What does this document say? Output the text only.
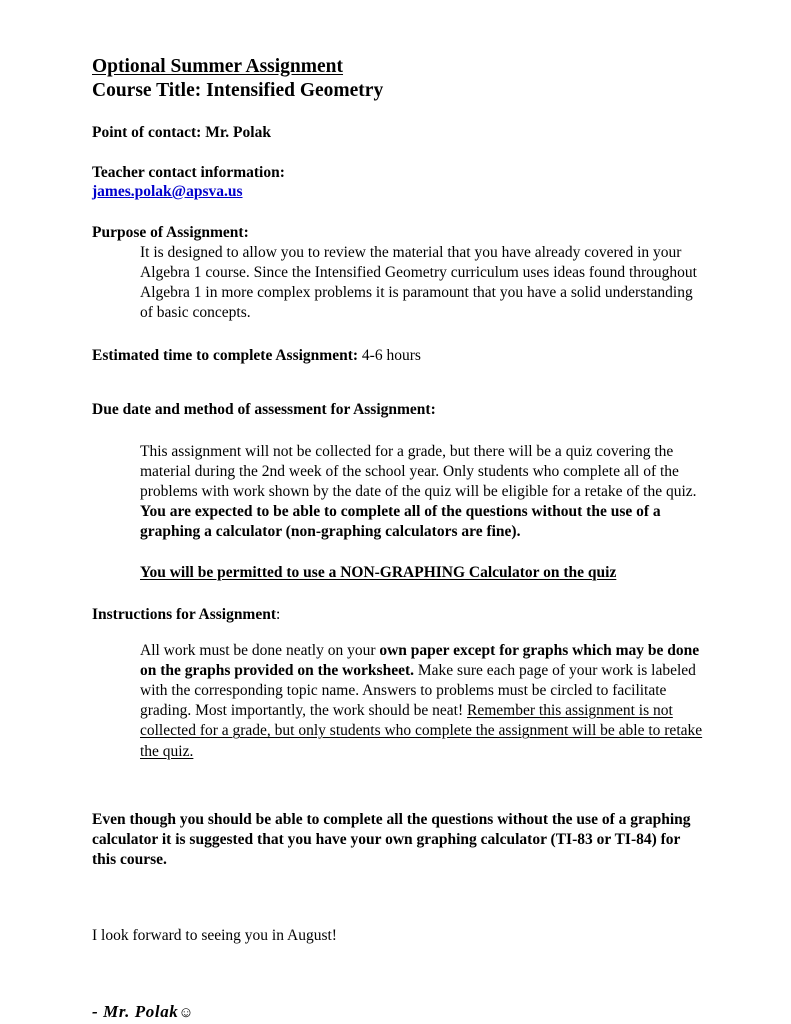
Optional Summer Assignment
Course Title: Intensified Geometry
Point of contact: Mr. Polak
Teacher contact information:
james.polak@apsva.us
Purpose of Assignment:
It is designed to allow you to review the material that you have already covered in your Algebra 1 course. Since the Intensified Geometry curriculum uses ideas found throughout Algebra 1 in more complex problems it is paramount that you have a solid understanding of basic concepts.
Estimated time to complete Assignment: 4-6 hours
Due date and method of assessment for Assignment:
This assignment will not be collected for a grade, but there will be a quiz covering the material during the 2nd week of the school year. Only students who complete all of the problems with work shown by the date of the quiz will be eligible for a retake of the quiz. You are expected to be able to complete all of the questions without the use of a graphing a calculator (non-graphing calculators are fine).
You will be permitted to use a NON-GRAPHING Calculator on the quiz
Instructions for Assignment:
All work must be done neatly on your own paper except for graphs which may be done on the graphs provided on the worksheet. Make sure each page of your work is labeled with the corresponding topic name. Answers to problems must be circled to facilitate grading. Most importantly, the work should be neat! Remember this assignment is not collected for a grade, but only students who complete the assignment will be able to retake the quiz.
Even though you should be able to complete all the questions without the use of a graphing calculator it is suggested that you have your own graphing calculator (TI-83 or TI-84) for this course.
I look forward to seeing you in August!
- Mr. Polak☺
